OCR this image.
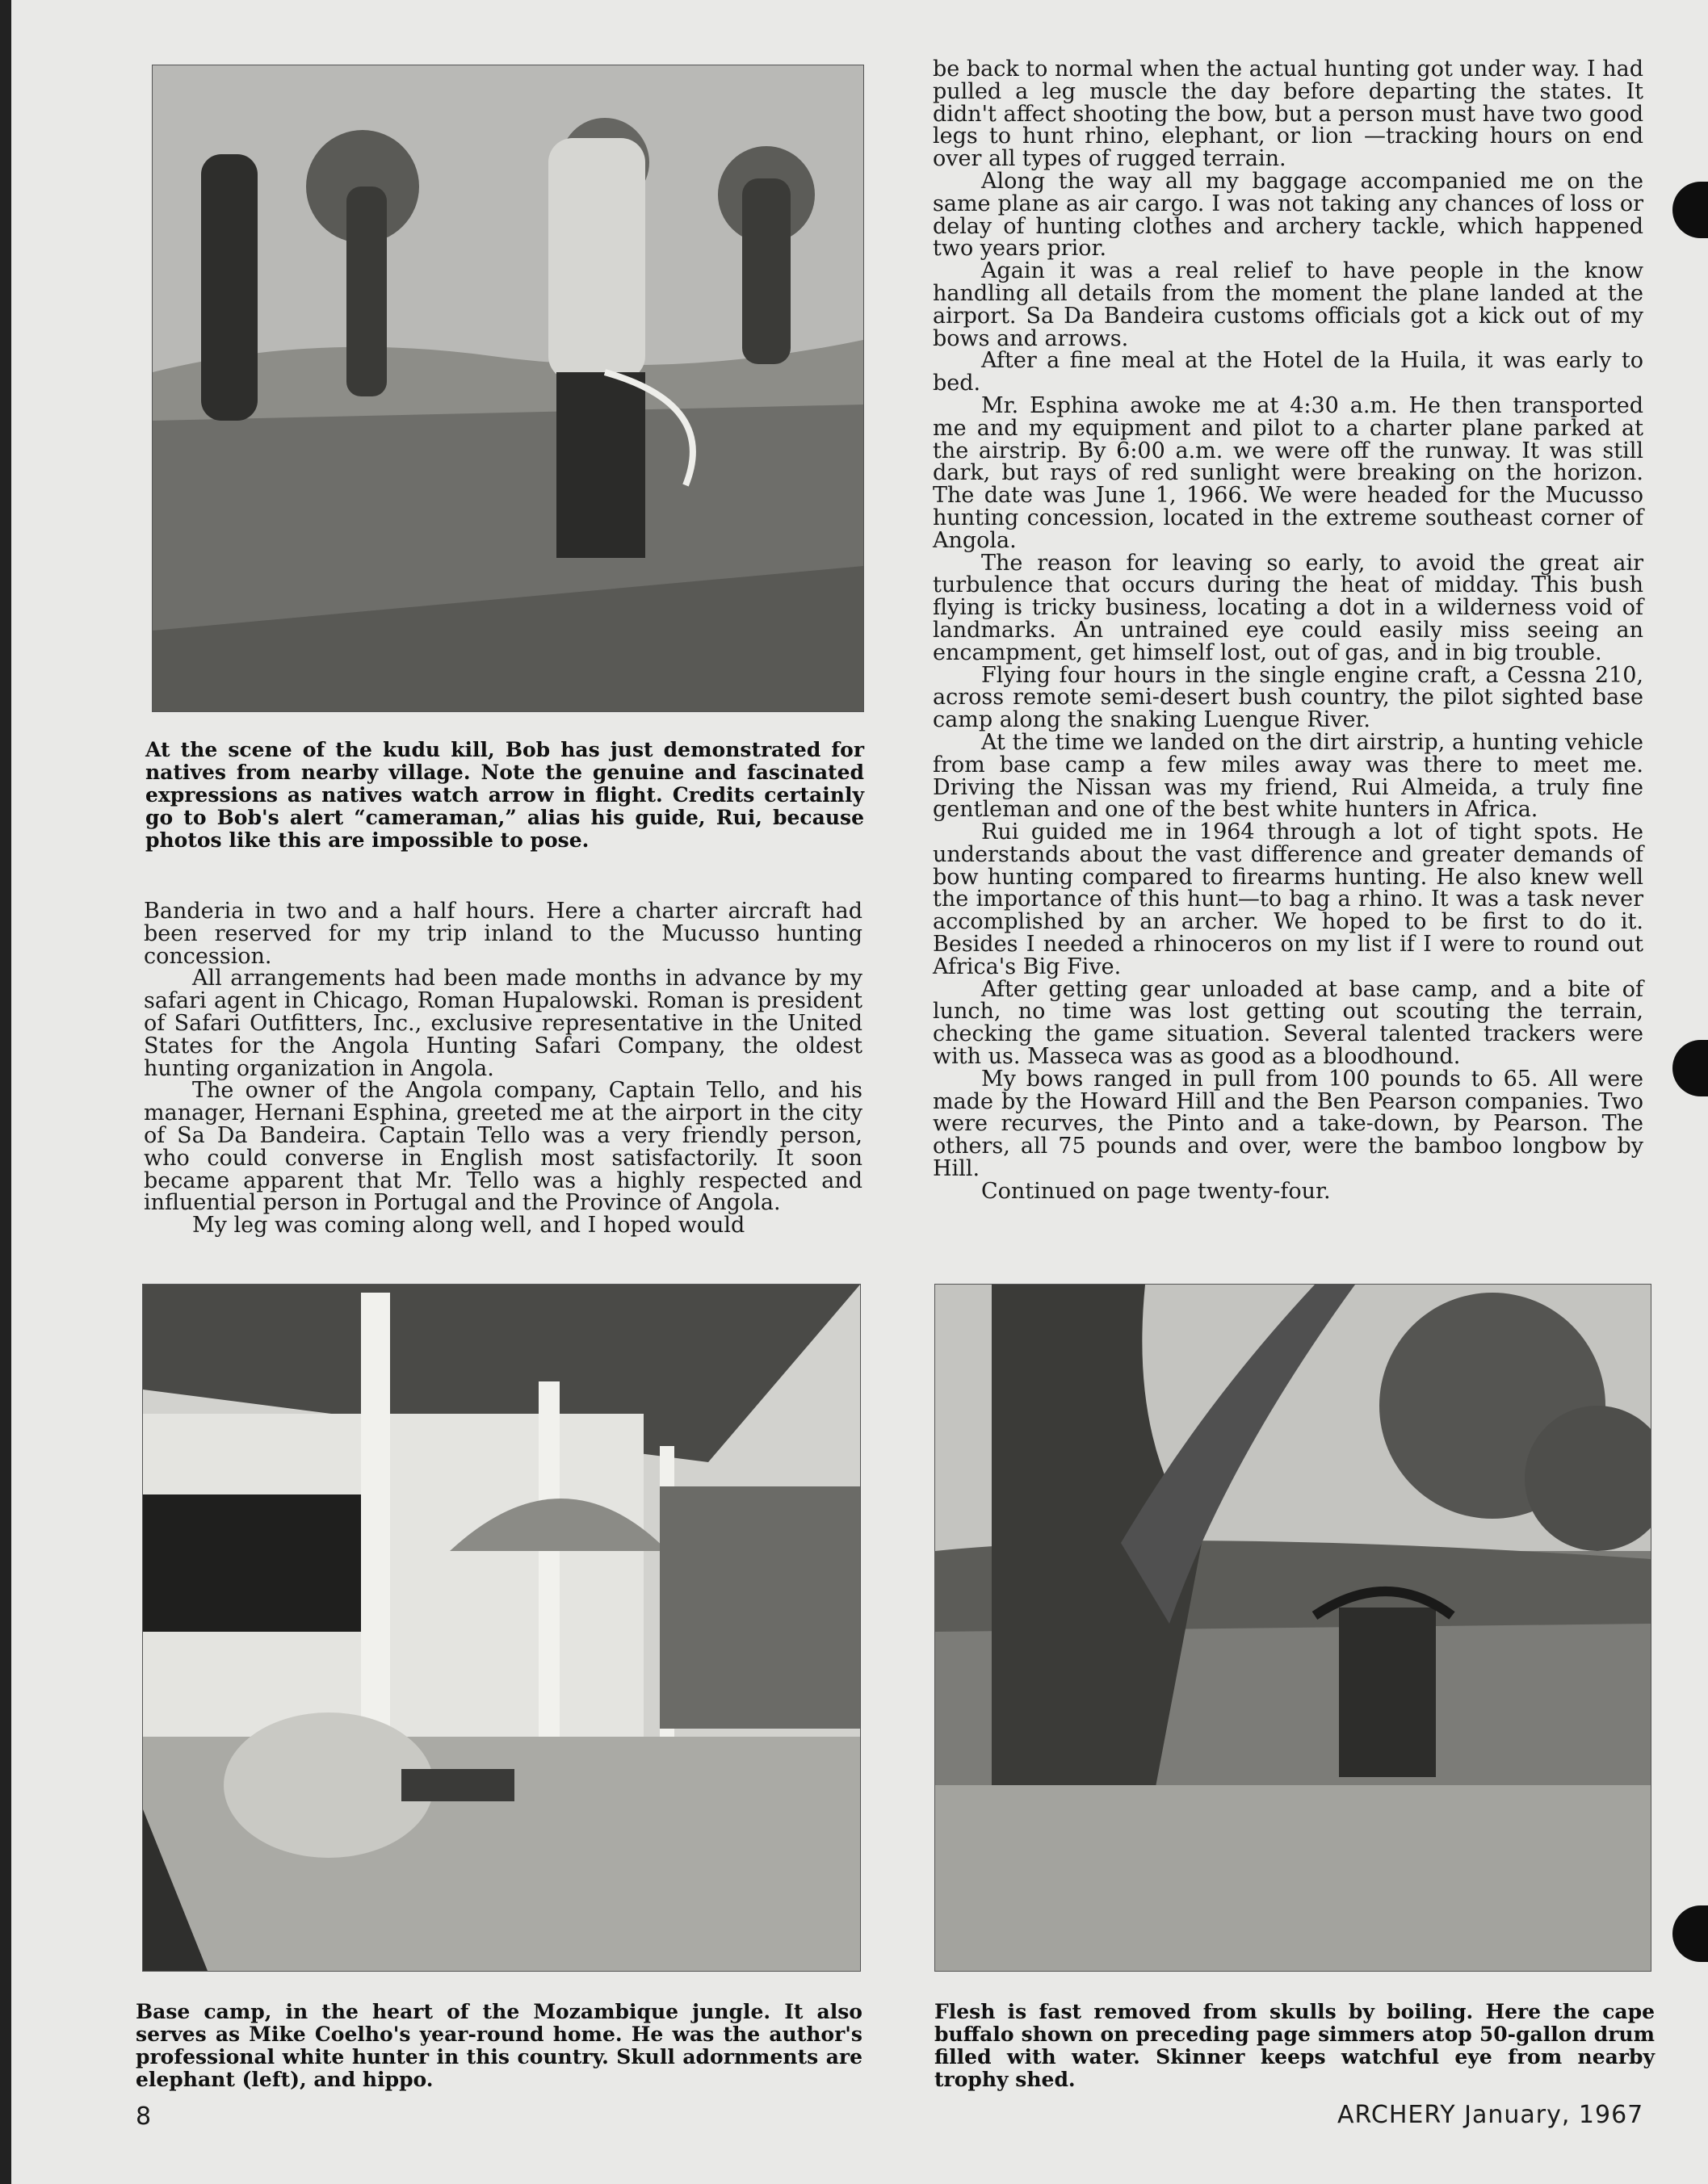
At the scene of the kudu kill, Bob has just demonstrated for natives from nearby village. Note the genuine and fascinated expressions as natives watch arrow in flight. Credits certainly go to Bob's alert “cameraman,” alias his guide, Rui, because photos like this are impossible to pose.

Banderia in two and a half hours. Here a charter aircraft had been reserved for my trip inland to the Mucusso hunting concession.

All arrangements had been made months in advance by my safari agent in Chicago, Roman Hupalowski. Roman is president of Safari Outfitters, Inc., exclusive representative in the United States for the Angola Hunting Safari Company, the oldest hunting organization in Angola.

The owner of the Angola company, Captain Tello, and his manager, Hernani Esphina, greeted me at the airport in the city of Sa Da Bandeira. Captain Tello was a very friendly person, who could converse in English most satisfactorily. It soon became apparent that Mr. Tello was a highly respected and influential person in Portugal and the Province of Angola.

My leg was coming along well, and I hoped would

be back to normal when the actual hunting got under way. I had pulled a leg muscle the day before departing the states. It didn't affect shooting the bow, but a person must have two good legs to hunt rhino, elephant, or lion —tracking hours on end over all types of rugged terrain.

Along the way all my baggage accompanied me on the same plane as air cargo. I was not taking any chances of loss or delay of hunting clothes and archery tackle, which happened two years prior.

Again it was a real relief to have people in the know handling all details from the moment the plane landed at the airport. Sa Da Bandeira customs officials got a kick out of my bows and arrows.

After a fine meal at the Hotel de la Huila, it was early to bed.

Mr. Esphina awoke me at 4:30 a.m. He then transported me and my equipment and pilot to a charter plane parked at the airstrip. By 6:00 a.m. we were off the runway. It was still dark, but rays of red sunlight were breaking on the horizon. The date was June 1, 1966. We were headed for the Mucusso hunting concession, located in the extreme southeast corner of Angola.

The reason for leaving so early, to avoid the great air turbulence that occurs during the heat of midday. This bush flying is tricky business, locating a dot in a wilderness void of landmarks. An untrained eye could easily miss seeing an encampment, get himself lost, out of gas, and in big trouble.

Flying four hours in the single engine craft, a Cessna 210, across remote semi-desert bush country, the pilot sighted base camp along the snaking Luengue River.

At the time we landed on the dirt airstrip, a hunting vehicle from base camp a few miles away was there to meet me. Driving the Nissan was my friend, Rui Almeida, a truly fine gentleman and one of the best white hunters in Africa.

Rui guided me in 1964 through a lot of tight spots. He understands about the vast difference and greater demands of bow hunting compared to firearms hunting. He also knew well the importance of this hunt—to bag a rhino. It was a task never accomplished by an archer. We hoped to be first to do it. Besides I needed a rhinoceros on my list if I were to round out Africa's Big Five.

After getting gear unloaded at base camp, and a bite of lunch, no time was lost getting out scouting the terrain, checking the game situation. Several talented trackers were with us. Masseca was as good as a bloodhound.

My bows ranged in pull from 100 pounds to 65. All were made by the Howard Hill and the Ben Pearson companies. Two were recurves, the Pinto and a take-down, by Pearson. The others, all 75 pounds and over, were the bamboo longbow by Hill.

Continued on page twenty-four.

Base camp, in the heart of the Mozambique jungle. It also serves as Mike Coelho's year-round home. He was the author's professional white hunter in this country. Skull adornments are elephant (left), and hippo.

Flesh is fast removed from skulls by boiling. Here the cape buffalo shown on preceding page simmers atop 50-gallon drum filled with water. Skinner keeps watchful eye from nearby trophy shed.

8	ARCHERY January, 1967
